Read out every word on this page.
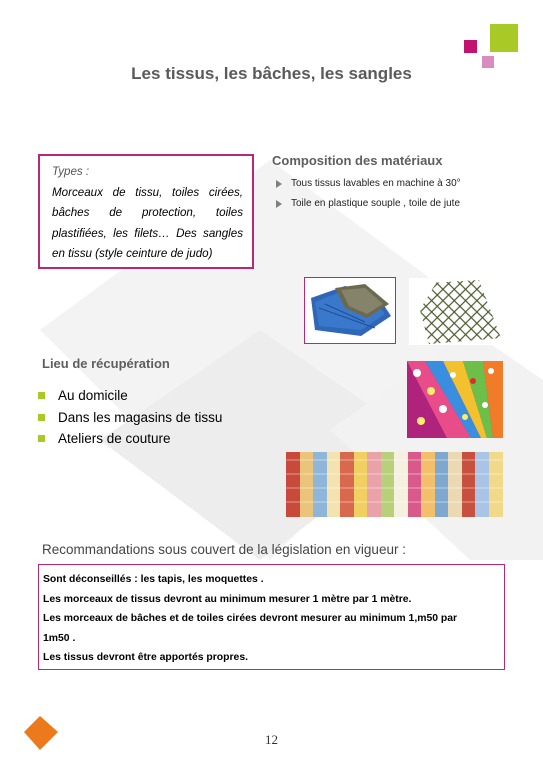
Les tissus, les bâches, les sangles
Types :
Morceaux de tissu, toiles cirées, bâches de protection, toiles plastifiées, les filets… Des sangles en tissu (style ceinture de judo)
Composition des matériaux
Tous tissus lavables en machine à 30°
Toile en plastique souple , toile de jute
Lieu de récupération
Au domicile
Dans les magasins de tissu
Ateliers de couture
Recommandations sous couvert de la législation en vigueur :
Sont déconseillés : les tapis, les moquettes .
Les morceaux de tissus devront au minimum mesurer 1 mètre par 1 mètre.
Les morceaux de bâches et de toiles cirées devront mesurer au minimum 1,m50 par
1m50 .
Les tissus devront être apportés propres.
12
